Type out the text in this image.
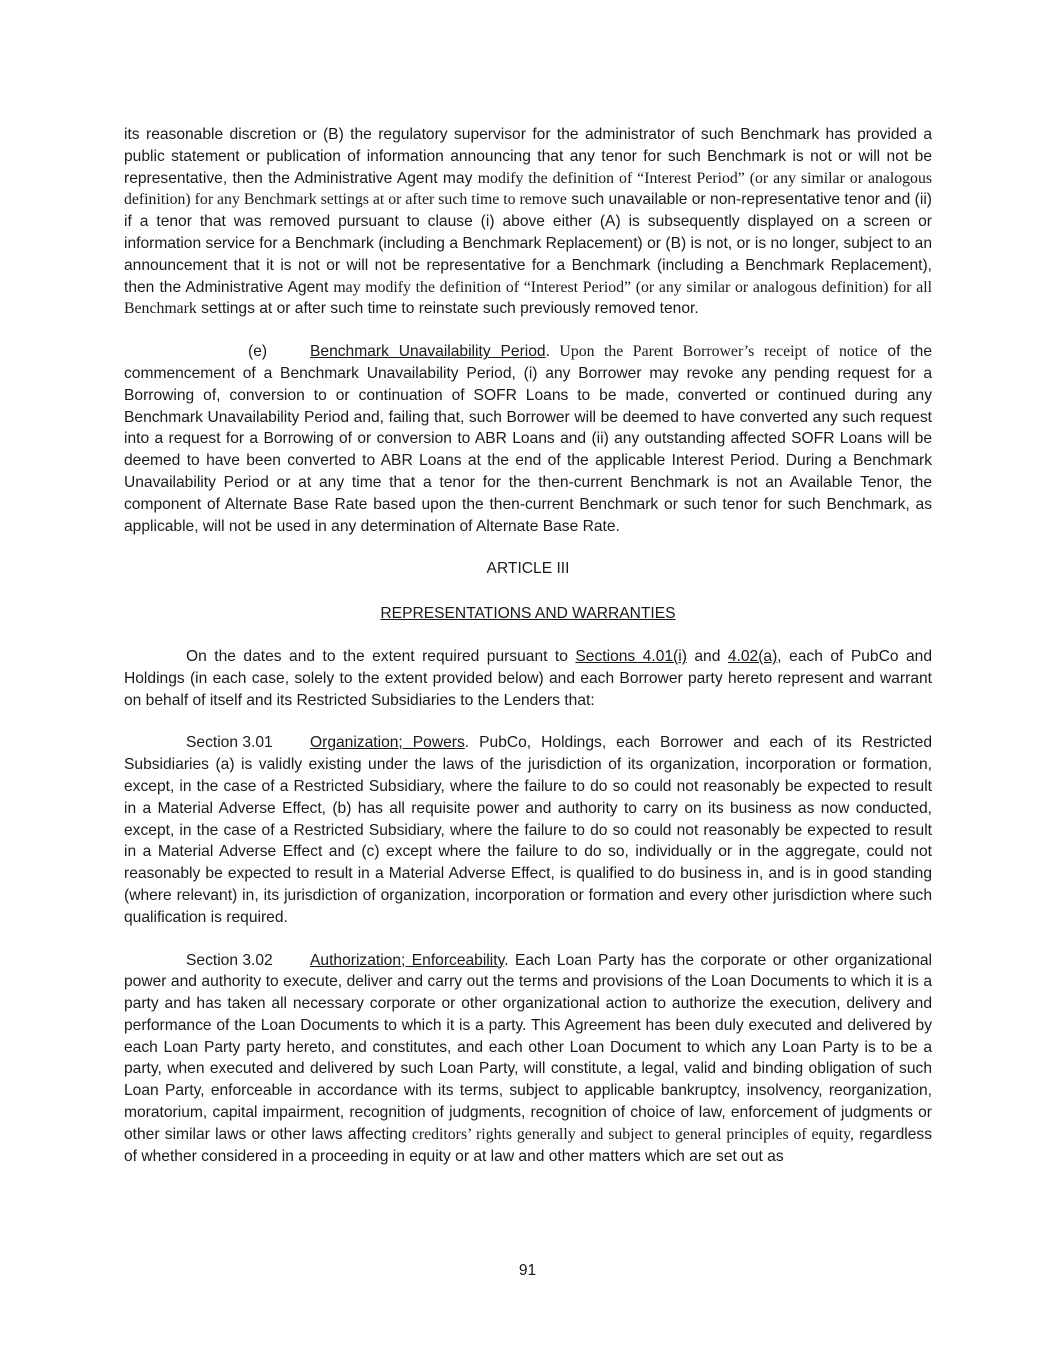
its reasonable discretion or (B) the regulatory supervisor for the administrator of such Benchmark has provided a public statement or publication of information announcing that any tenor for such Benchmark is not or will not be representative, then the Administrative Agent may modify the definition of “Interest Period” (or any similar or analogous definition) for any Benchmark settings at or after such time to remove such unavailable or non-representative tenor and (ii) if a tenor that was removed pursuant to clause (i) above either (A) is subsequently displayed on a screen or information service for a Benchmark (including a Benchmark Replacement) or (B) is not, or is no longer, subject to an announcement that it is not or will not be representative for a Benchmark (including a Benchmark Replacement), then the Administrative Agent may modify the definition of “Interest Period” (or any similar or analogous definition) for all Benchmark settings at or after such time to reinstate such previously removed tenor.

(e)	Benchmark Unavailability Period. Upon the Parent Borrower’s receipt of notice of the commencement of a Benchmark Unavailability Period, (i) any Borrower may revoke any pending request for a Borrowing of, conversion to or continuation of SOFR Loans to be made, converted or continued during any Benchmark Unavailability Period and, failing that, such Borrower will be deemed to have converted any such request into a request for a Borrowing of or conversion to ABR Loans and (ii) any outstanding affected SOFR Loans will be deemed to have been converted to ABR Loans at the end of the applicable Interest Period. During a Benchmark Unavailability Period or at any time that a tenor for the then-current Benchmark is not an Available Tenor, the component of Alternate Base Rate based upon the then-current Benchmark or such tenor for such Benchmark, as applicable, will not be used in any determination of Alternate Base Rate.

ARTICLE III

REPRESENTATIONS AND WARRANTIES

On the dates and to the extent required pursuant to Sections 4.01(i) and 4.02(a), each of PubCo and Holdings (in each case, solely to the extent provided below) and each Borrower party hereto represent and warrant on behalf of itself and its Restricted Subsidiaries to the Lenders that:

Section 3.01 Organization; Powers. PubCo, Holdings, each Borrower and each of its Restricted Subsidiaries (a) is validly existing under the laws of the jurisdiction of its organization, incorporation or formation, except, in the case of a Restricted Subsidiary, where the failure to do so could not reasonably be expected to result in a Material Adverse Effect, (b) has all requisite power and authority to carry on its business as now conducted, except, in the case of a Restricted Subsidiary, where the failure to do so could not reasonably be expected to result in a Material Adverse Effect and (c) except where the failure to do so, individually or in the aggregate, could not reasonably be expected to result in a Material Adverse Effect, is qualified to do business in, and is in good standing (where relevant) in, its jurisdiction of organization, incorporation or formation and every other jurisdiction where such qualification is required.

Section 3.02 Authorization; Enforceability. Each Loan Party has the corporate or other organizational power and authority to execute, deliver and carry out the terms and provisions of the Loan Documents to which it is a party and has taken all necessary corporate or other organizational action to authorize the execution, delivery and performance of the Loan Documents to which it is a party. This Agreement has been duly executed and delivered by each Loan Party party hereto, and constitutes, and each other Loan Document to which any Loan Party is to be a party, when executed and delivered by such Loan Party, will constitute, a legal, valid and binding obligation of such Loan Party, enforceable in accordance with its terms, subject to applicable bankruptcy, insolvency, reorganization, moratorium, capital impairment, recognition of judgments, recognition of choice of law, enforcement of judgments or other similar laws or other laws affecting creditors’ rights generally and subject to general principles of equity, regardless of whether considered in a proceeding in equity or at law and other matters which are set out as

91
